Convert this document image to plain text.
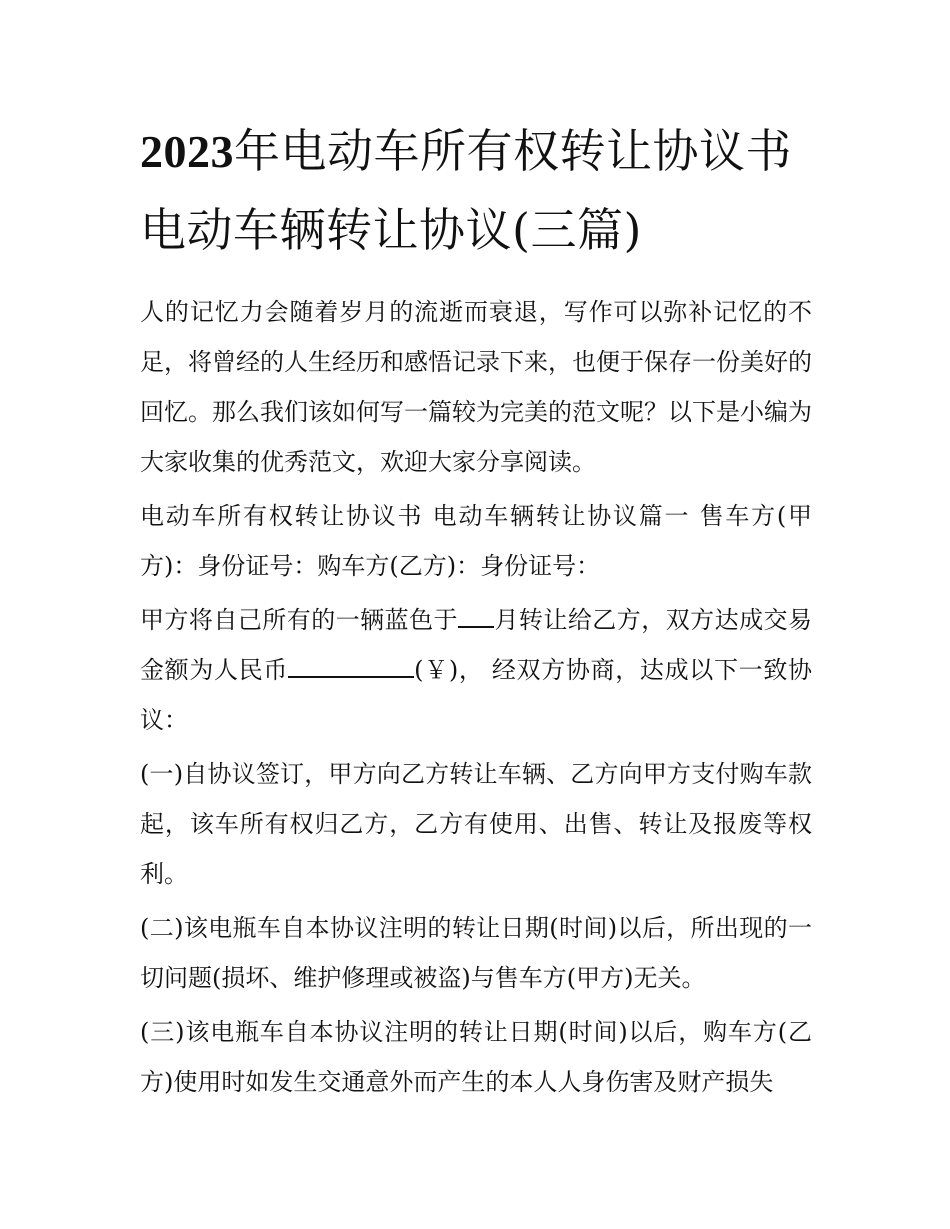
2023年电动车所有权转让协议书 电动车辆转让协议(三篇)

人的记忆力会随着岁月的流逝而衰退，写作可以弥补记忆的不足，将曾经的人生经历和感悟记录下来，也便于保存一份美好的回忆。那么我们该如何写一篇较为完美的范文呢？以下是小编为大家收集的优秀范文，欢迎大家分享阅读。

电动车所有权转让协议书 电动车辆转让协议篇一 售车方(甲方)：身份证号：购车方(乙方)：身份证号：

甲方将自己所有的一辆蓝色于 月转让给乙方，双方达成交易金额为人民币	(￥)， 经双方协商，达成以下一致协议：

(一)自协议签订，甲方向乙方转让车辆、乙方向甲方支付购车款起，该车所有权归乙方，乙方有使用、出售、转让及报废等权利。

(二)该电瓶车自本协议注明的转让日期(时间)以后，所出现的一切问题(损坏、维护修理或被盗)与售车方(甲方)无关。

(三)该电瓶车自本协议注明的转让日期(时间)以后，购车方(乙方)使用时如发生交通意外而产生的本人人身伤害及财产损失
